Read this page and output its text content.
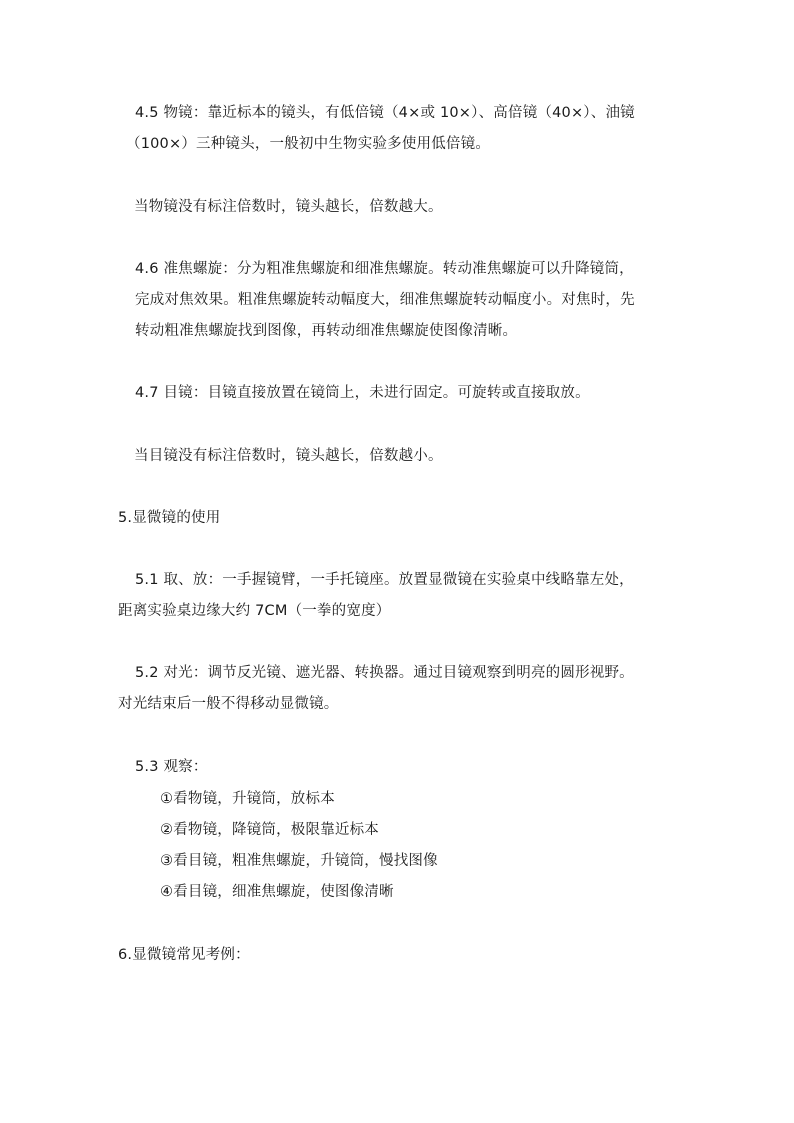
4.5 物镜：靠近标本的镜头，有低倍镜（4×或 10×）、高倍镜（40×）、油镜
（100×）三种镜头，一般初中生物实验多使用低倍镜。
当物镜没有标注倍数时，镜头越长，倍数越大。
4.6 准焦螺旋：分为粗准焦螺旋和细准焦螺旋。转动准焦螺旋可以升降镜筒，
完成对焦效果。粗准焦螺旋转动幅度大，细准焦螺旋转动幅度小。对焦时，先
转动粗准焦螺旋找到图像，再转动细准焦螺旋使图像清晰。
4.7 目镜：目镜直接放置在镜筒上，未进行固定。可旋转或直接取放。
当目镜没有标注倍数时，镜头越长，倍数越小。
5.显微镜的使用
5.1 取、放：一手握镜臂，一手托镜座。放置显微镜在实验桌中线略靠左处，
距离实验桌边缘大约 7CM（一拳的宽度）
5.2 对光：调节反光镜、遮光器、转换器。通过目镜观察到明亮的圆形视野。
对光结束后一般不得移动显微镜。
5.3 观察：
①看物镜，升镜筒，放标本
②看物镜，降镜筒，极限靠近标本
③看目镜，粗准焦螺旋，升镜筒，慢找图像
④看目镜，细准焦螺旋，使图像清晰
6.显微镜常见考例：
